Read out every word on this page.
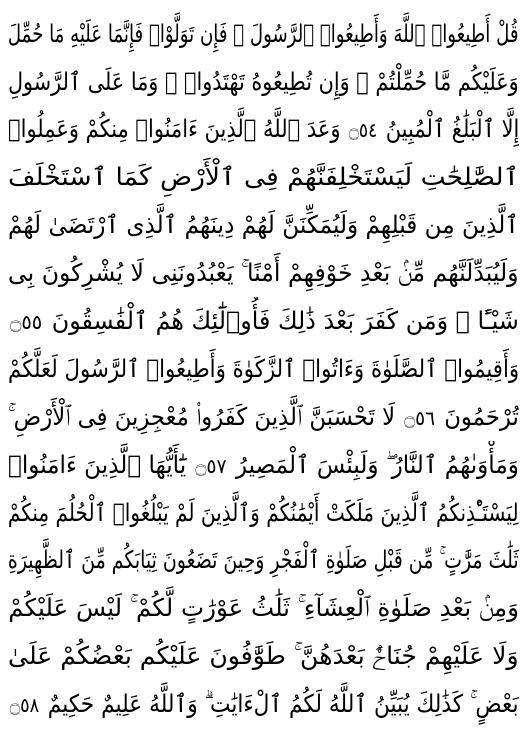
قُلْ أَطِيعُوا۟ ٱللَّهَ وَأَطِيعُوا۟ ٱلرَّسُولَ ۖ فَإِن تَوَلَّوْا۟ فَإِنَّمَا عَلَيْهِ مَا حُمِّلَ
وَعَلَيْكُم مَّا حُمِّلْتُمْ ۖ وَإِن تُطِيعُوهُ تَهْتَدُوا۟ ۚ وَمَا عَلَى ٱلرَّسُولِ
إِلَّا ٱلْبَلَٰغُ ٱلْمُبِينُ ۝٥٤ وَعَدَ ٱللَّهُ ٱلَّذِينَ ءَامَنُوا۟ مِنكُمْ وَعَمِلُوا۟
ٱلصَّٰلِحَٰتِ لَيَسْتَخْلِفَنَّهُمْ فِى ٱلْأَرْضِ كَمَا ٱسْتَخْلَفَ
ٱلَّذِينَ مِن قَبْلِهِمْ وَلَيُمَكِّنَنَّ لَهُمْ دِينَهُمُ ٱلَّذِى ٱرْتَضَىٰ لَهُمْ
وَلَيُبَدِّلَنَّهُم مِّنۢ بَعْدِ خَوْفِهِمْ أَمْنًا ۚ يَعْبُدُونَنِى لَا يُشْرِكُونَ بِى
شَيْـًٔا ۚ وَمَن كَفَرَ بَعْدَ ذَٰلِكَ فَأُو۟لَٰٓئِكَ هُمُ ٱلْفَٰسِقُونَ ۝٥٥
وَأَقِيمُوا۟ ٱلصَّلَوٰةَ وَءَاتُوا۟ ٱلزَّكَوٰةَ وَأَطِيعُوا۟ ٱلرَّسُولَ لَعَلَّكُمْ
تُرْحَمُونَ ۝٥٦ لَا تَحْسَبَنَّ ٱلَّذِينَ كَفَرُوا۟ مُعْجِزِينَ فِى ٱلْأَرْضِ ۚ
وَمَأْوَىٰهُمُ ٱلنَّارُ ۖ وَلَبِئْسَ ٱلْمَصِيرُ ۝٥٧ يَٰٓأَيُّهَا ٱلَّذِينَ ءَامَنُوا۟
لِيَسْتَـْٔذِنكُمُ ٱلَّذِينَ مَلَكَتْ أَيْمَٰنُكُمْ وَٱلَّذِينَ لَمْ يَبْلُغُوا۟ ٱلْحُلُمَ مِنكُمْ
ثَلَٰثَ مَرَّٰتٍ ۚ مِّن قَبْلِ صَلَوٰةِ ٱلْفَجْرِ وَحِينَ تَضَعُونَ ثِيَابَكُم مِّنَ ٱلظَّهِيرَةِ
وَمِنۢ بَعْدِ صَلَوٰةِ ٱلْعِشَآءِ ۚ ثَلَٰثُ عَوْرَٰتٍ لَّكُمْ ۚ لَيْسَ عَلَيْكُمْ
وَلَا عَلَيْهِمْ جُنَاحٌۢ بَعْدَهُنَّ ۚ طَوَّٰفُونَ عَلَيْكُم بَعْضُكُمْ عَلَىٰ
بَعْضٍ ۚ كَذَٰلِكَ يُبَيِّنُ ٱللَّهُ لَكُمُ ٱلْءَايَٰتِ ۗ وَٱللَّهُ عَلِيمٌ حَكِيمٌ ۝٥٨
